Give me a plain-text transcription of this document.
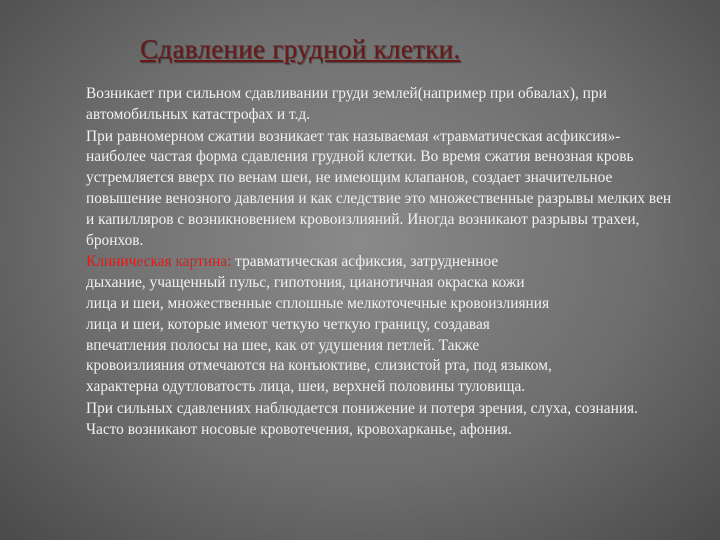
Сдавление грудной клетки.

Возникает при сильном сдавливании груди землей(например при обвалах), при автомобильных катастрофах и т.д.

При равномерном сжатии возникает так называемая «травматическая асфиксия»- наиболее частая форма сдавления грудной клетки. Во время сжатия венозная кровь устремляется вверх по венам шеи, не имеющим клапанов, создает значительное повышение венозного давления и как следствие это множественные разрывы мелких вен и капилляров с возникновением кровоизлияний. Иногда возникают разрывы трахеи, бронхов.

Клиническая картина: травматическая асфиксия, затрудненное
дыхание, учащенный пульс, гипотония, цианотичная окраска кожи
лица и шеи, множественные сплошные мелкоточечные кровоизлияния
лица и шеи, которые имеют четкую четкую границу, создавая
впечатления полосы на шее, как от удушения петлей. Также
кровоизлияния отмечаются на конъюктиве, слизистой рта, под языком,
характерна одутловатость лица, шеи, верхней половины туловища.

При сильных сдавлениях наблюдается понижение и потеря зрения, слуха, сознания. Часто возникают носовые кровотечения, кровохарканье, афония.
